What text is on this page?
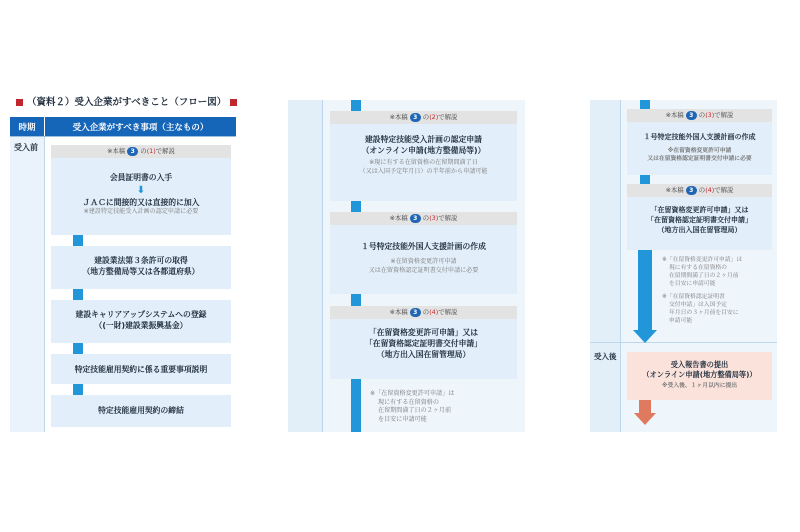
（資料２）受入企業がすべきこと（フロー図）
時期	受入企業がすべき事項（主なもの）
受入前	※本稿 3 の(1)で解説
会員証明書の入手
⬇
ＪＡＣに間接的又は直接的に加入
※建設特定技能受入計画の認定申請に必要
建設業法第３条許可の取得
（地方整備局等又は各都道府県）
建設キャリアアップシステムへの登録
（(一財)建設業振興基金）
特定技能雇用契約に係る重要事項説明
特定技能雇用契約の締結
※本稿 3 の(2)で解説
建設特定技能受入計画の認定申請
（オンライン申請(地方整備局等)）
※現に有する在留資格の在留期間満了日
（又は入国予定年月日）の半年前から申請可能
※本稿 3 の(3)で解説
１号特定技能外国人支援計画の作成
※在留資格変更許可申請
又は在留資格認定証明書交付申請に必要
※本稿 3 の(4)で解説
「在留資格変更許可申請」又は
「在留資格認定証明書交付申請」
（地方出入国在留管理局）
※「在留資格変更許可申請」は
現に有する在留資格の
在留期間満了日の２ヶ月前
を目安に申請可能
受入後
※本稿 3 の(3)で解説
１号特定技能外国人支援計画の作成
※在留資格変更許可申請
又は在留資格認定証明書交付申請に必要
※本稿 3 の(4)で解説
「在留資格変更許可申請」又は
「在留資格認定証明書交付申請」
（地方出入国在留管理局）
※「在留資格変更許可申請」は
現に有する在留資格の
在留期間満了日の２ヶ月前
を目安に申請可能
※「在留資格認定証明書
交付申請」は入国予定
年月日の３ヶ月前を目安に
申請可能
受入報告書の提出
（オンライン申請(地方整備局等)）
※受入後、１ヶ月以内に提出
